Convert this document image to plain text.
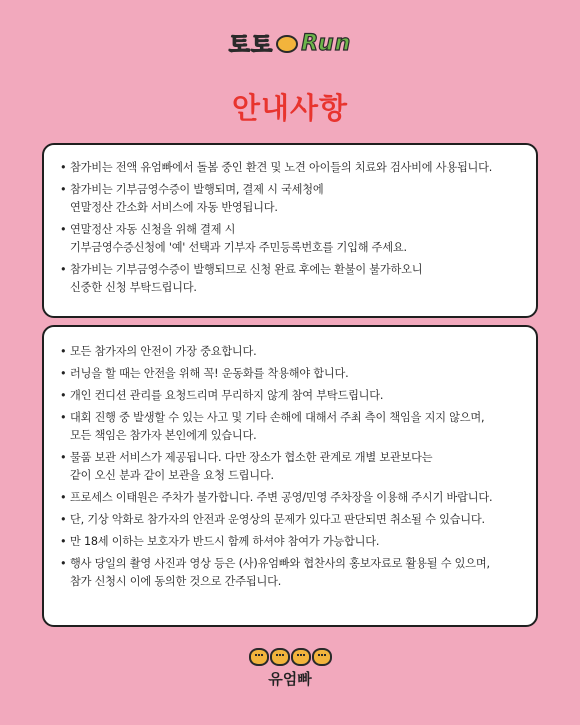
토토 Run
안내사항
• 참가비는 전액 유엄빠에서 돌봄 중인 환견 및 노견 아이들의 치료와 검사비에 사용됩니다.
• 참가비는 기부금영수증이 발행되며, 결제 시 국세청에
연말정산 간소화 서비스에 자동 반영됩니다.
• 연말정산 자동 신청을 위해 결제 시
기부금영수증신청에 '예' 선택과 기부자 주민등록번호를 기입해 주세요.
• 참가비는 기부금영수증이 발행되므로 신청 완료 후에는 환불이 불가하오니
신중한 신청 부탁드립니다.
• 모든 참가자의 안전이 가장 중요합니다.
• 러닝을 할 때는 안전을 위해 꼭! 운동화를 착용해야 합니다.
• 개인 컨디션 관리를 요청드리며 무리하지 않게 참여 부탁드립니다.
• 대회 진행 중 발생할 수 있는 사고 및 기타 손해에 대해서 주최 측이 책임을 지지 않으며,
모든 책임은 참가자 본인에게 있습니다.
• 물품 보관 서비스가 제공됩니다. 다만 장소가 협소한 관계로 개별 보관보다는
같이 오신 분과 같이 보관을 요청 드립니다.
• 프로세스 이태원은 주차가 불가합니다. 주변 공영/민영 주차장을 이용해 주시기 바랍니다.
• 단, 기상 악화로 참가자의 안전과 운영상의 문제가 있다고 판단되면 취소될 수 있습니다.
• 만 18세 이하는 보호자가 반드시 함께 하셔야 참여가 가능합니다.
• 행사 당일의 촬영 사진과 영상 등은 (사)유엄빠와 협찬사의 홍보자료로 활용될 수 있으며,
참가 신청시 이에 동의한 것으로 간주됩니다.
유엄빠
